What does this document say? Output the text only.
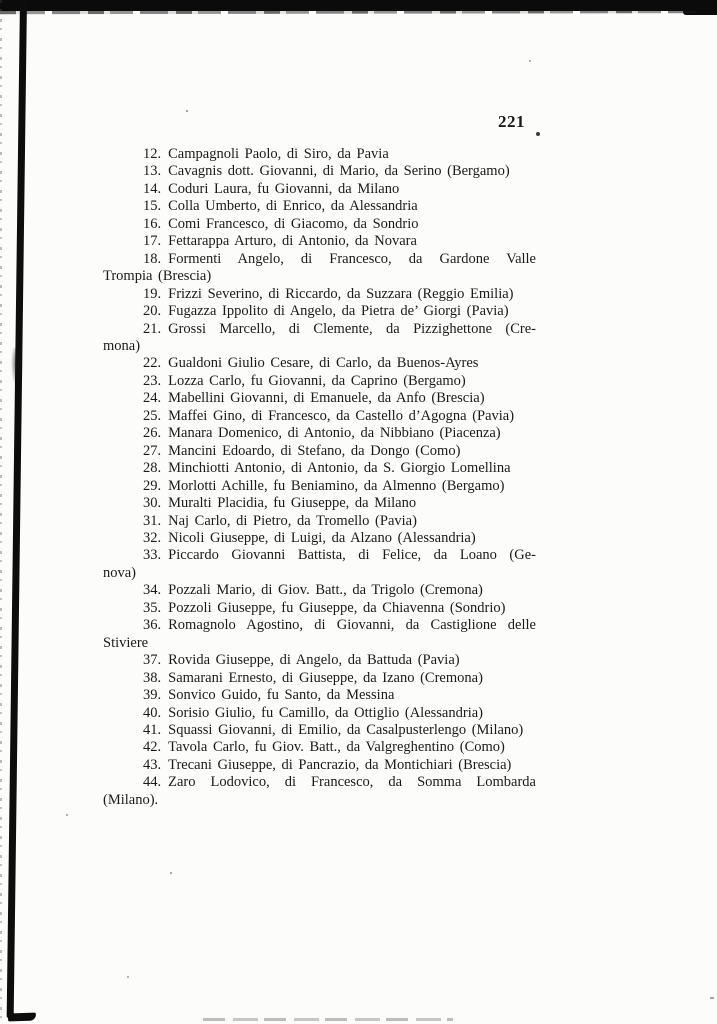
221

12. Campagnoli Paolo, di Siro, da Pavia

13. Cavagnis dott. Giovanni, di Mario, da Serino (Bergamo)

14. Coduri Laura, fu Giovanni, da Milano

15. Colla Umberto, di Enrico, da Alessandria

16. Comi Francesco, di Giacomo, da Sondrio

17. Fettarappa Arturo, di Antonio, da Novara

18. Formenti Angelo, di Francesco, da Gardone Valle
Trompia (Brescia)

19. Frizzi Severino, di Riccardo, da Suzzara (Reggio Emilia)

20. Fugazza Ippolito di Angelo, da Pietra de’ Giorgi (Pavia)

21. Grossi Marcello, di Clemente, da Pizzighettone (Cre-
mona)

22. Gualdoni Giulio Cesare, di Carlo, da Buenos-Ayres

23. Lozza Carlo, fu Giovanni, da Caprino (Bergamo)

24. Mabellini Giovanni, di Emanuele, da Anfo (Brescia)

25. Maffei Gino, di Francesco, da Castello d’Agogna (Pavia)

26. Manara Domenico, di Antonio, da Nibbiano (Piacenza)

27. Mancini Edoardo, di Stefano, da Dongo (Como)

28. Minchiotti Antonio, di Antonio, da S. Giorgio Lomellina

29. Morlotti Achille, fu Beniamino, da Almenno (Bergamo)

30. Muralti Placidia, fu Giuseppe, da Milano

31. Naj Carlo, di Pietro, da Tromello (Pavia)

32. Nicoli Giuseppe, di Luigi, da Alzano (Alessandria)

33. Piccardo Giovanni Battista, di Felice, da Loano (Ge-
nova)

34. Pozzali Mario, di Giov. Batt., da Trigolo (Cremona)

35. Pozzoli Giuseppe, fu Giuseppe, da Chiavenna (Sondrio)

36. Romagnolo Agostino, di Giovanni, da Castiglione delle
Stiviere

37. Rovida Giuseppe, di Angelo, da Battuda (Pavia)

38. Samarani Ernesto, di Giuseppe, da Izano (Cremona)

39. Sonvico Guido, fu Santo, da Messina

40. Sorisio Giulio, fu Camillo, da Ottiglio (Alessandria)

41. Squassi Giovanni, di Emilio, da Casalpusterlengo (Milano)

42. Tavola Carlo, fu Giov. Batt., da Valgreghentino (Como)

43. Trecani Giuseppe, di Pancrazio, da Montichiari (Brescia)

44. Zaro Lodovico, di Francesco, da Somma Lombarda
(Milano).
